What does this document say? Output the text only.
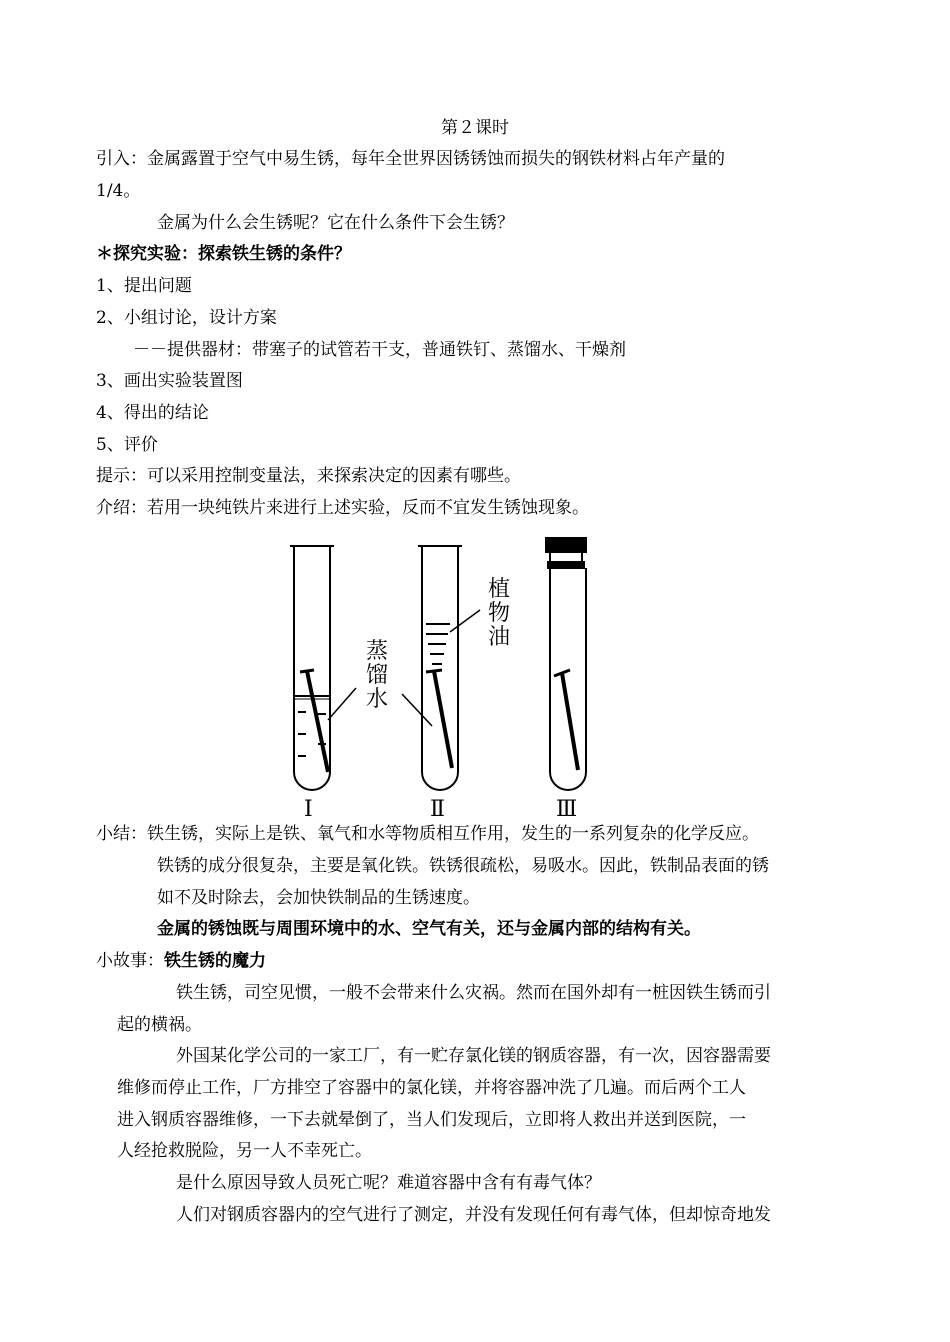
第２课时
引入：金属露置于空气中易生锈，每年全世界因锈锈蚀而损失的钢铁材料占年产量的
1/4。
金属为什么会生锈呢？它在什么条件下会生锈？
＊探究实验：探索铁生锈的条件？
1、提出问题
2、小组讨论，设计方案
－－提供器材：带塞子的试管若干支，普通铁钉、蒸馏水、干燥剂
3、画出实验装置图
4、得出的结论
5、评价
提示：可以采用控制变量法，来探索决定的因素有哪些。
介绍：若用一块纯铁片来进行上述实验，反而不宜发生锈蚀现象。
植
物
油
蒸
馏
水
Ⅰ	Ⅱ	Ⅲ
小结：铁生锈，实际上是铁、氧气和水等物质相互作用，发生的一系列复杂的化学反应。
铁锈的成分很复杂，主要是氧化铁。铁锈很疏松，易吸水。因此，铁制品表面的锈
如不及时除去，会加快铁制品的生锈速度。
金属的锈蚀既与周围环境中的水、空气有关，还与金属内部的结构有关。
小故事：铁生锈的魔力
铁生锈，司空见惯，一般不会带来什么灾祸。然而在国外却有一桩因铁生锈而引
起的横祸。
外国某化学公司的一家工厂，有一贮存氯化镁的钢质容器，有一次，因容器需要
维修而停止工作，厂方排空了容器中的氯化镁，并将容器冲洗了几遍。而后两个工人
进入钢质容器维修，一下去就晕倒了，当人们发现后，立即将人救出并送到医院，一
人经抢救脱险，另一人不幸死亡。
是什么原因导致人员死亡呢？难道容器中含有有毒气体？
人们对钢质容器内的空气进行了测定，并没有发现任何有毒气体，但却惊奇地发
